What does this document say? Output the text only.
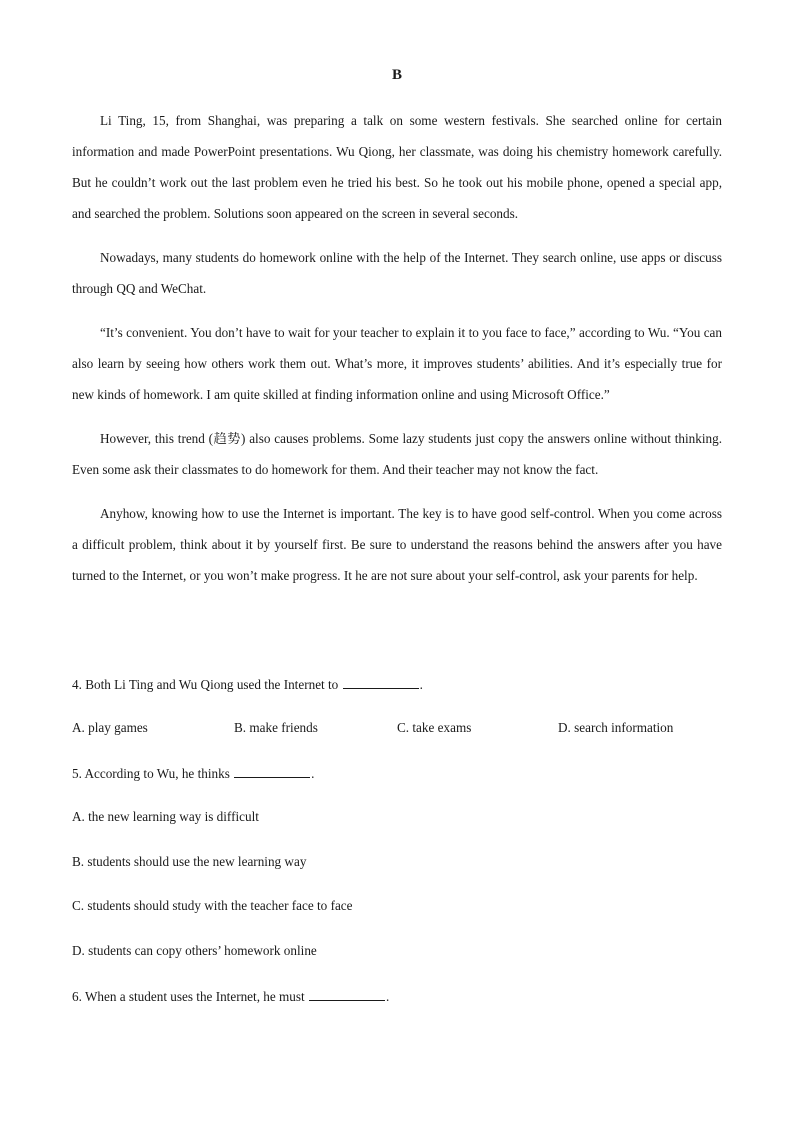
B

Li Ting, 15, from Shanghai, was preparing a talk on some western festivals. She searched online for certain information and made PowerPoint presentations. Wu Qiong, her classmate, was doing his chemistry homework carefully. But he couldn’t work out the last problem even he tried his best. So he took out his mobile phone, opened a special app, and searched the problem. Solutions soon appeared on the screen in several seconds.

Nowadays, many students do homework online with the help of the Internet. They search online, use apps or discuss through QQ and WeChat.

“It’s convenient. You don’t have to wait for your teacher to explain it to you face to face,” according to Wu. “You can also learn by seeing how others work them out. What’s more, it improves students’ abilities. And it’s especially true for new kinds of homework. I am quite skilled at finding information online and using Microsoft Office.”

However, this trend (趋势) also causes problems. Some lazy students just copy the answers online without thinking. Even some ask their classmates to do homework for them. And their teacher may not know the fact.

Anyhow, knowing how to use the Internet is important. The key is to have good self-control. When you come across a difficult problem, think about it by yourself first. Be sure to understand the reasons behind the answers after you have turned to the Internet, or you won’t make progress. It he are not sure about your self-control, ask your parents for help.

4. Both Li Ting and Wu Qiong used the Internet to	.
A. play games	B. make friends	C. take exams	D. search information
5. According to Wu, he thinks	.
A. the new learning way is difficult
B. students should use the new learning way
C. students should study with the teacher face to face
D. students can copy others’ homework online
6. When a student uses the Internet, he must	.
